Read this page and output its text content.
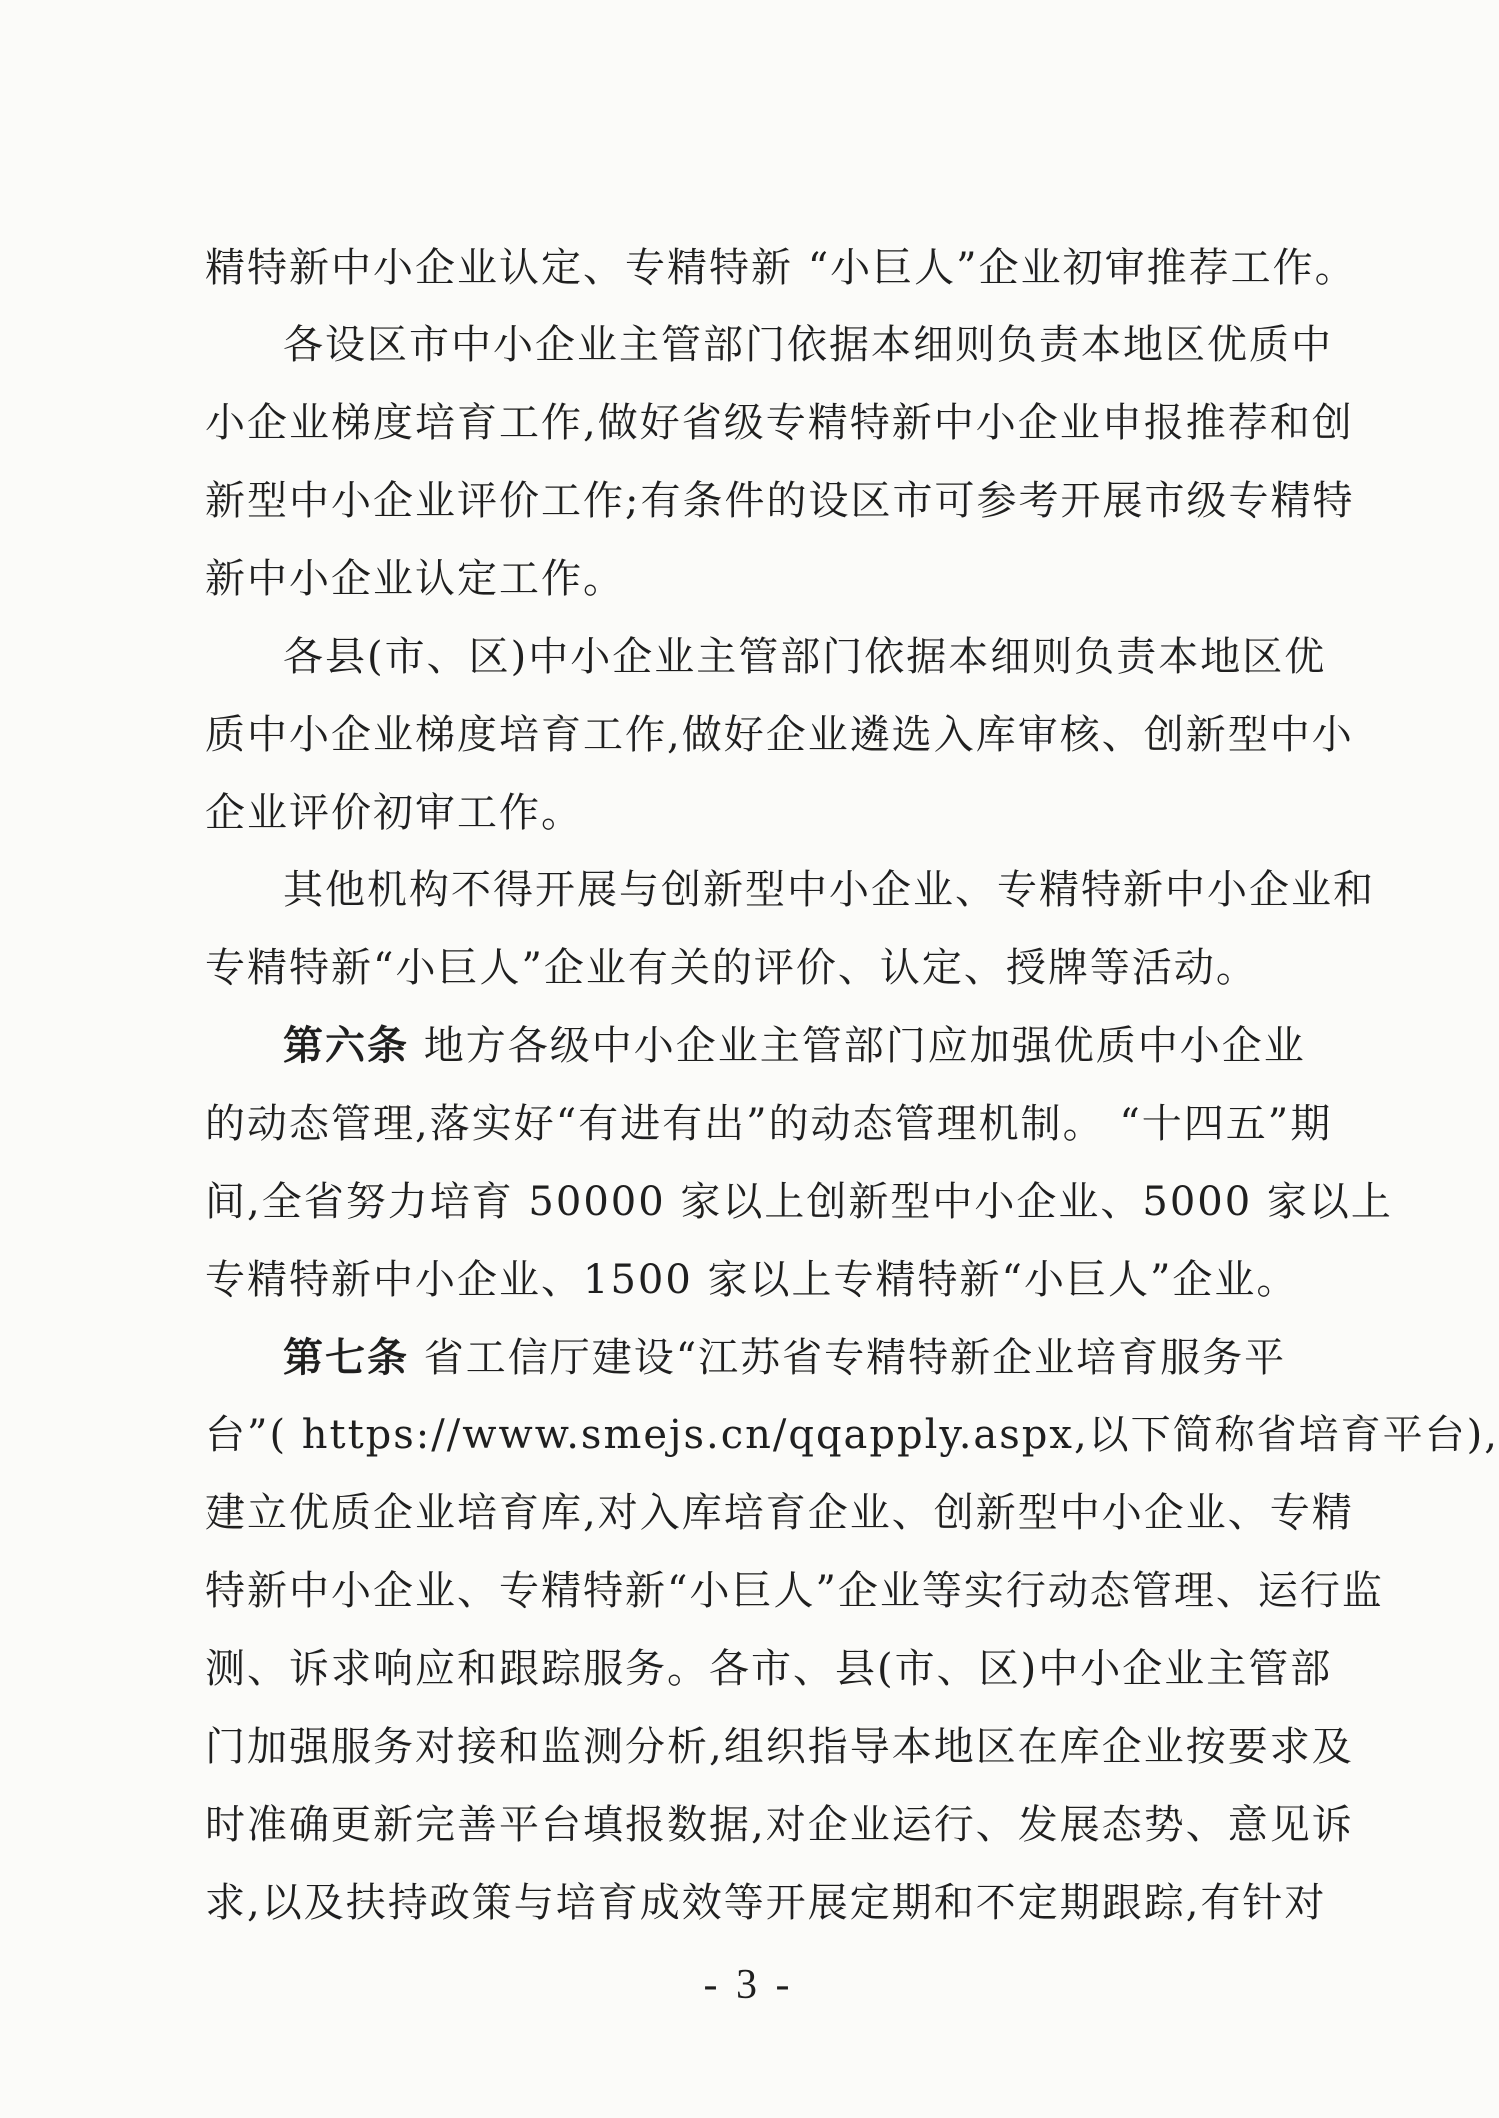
精特新中小企业认定、专精特新 “小巨人”企业初审推荐工作。
各设区市中小企业主管部门依据本细则负责本地区优质中
小企业梯度培育工作,做好省级专精特新中小企业申报推荐和创
新型中小企业评价工作;有条件的设区市可参考开展市级专精特
新中小企业认定工作。
各县(市、区)中小企业主管部门依据本细则负责本地区优
质中小企业梯度培育工作,做好企业遴选入库审核、创新型中小
企业评价初审工作。
其他机构不得开展与创新型中小企业、专精特新中小企业和
专精特新“小巨人”企业有关的评价、认定、授牌等活动。
第六条 地方各级中小企业主管部门应加强优质中小企业
的动态管理,落实好“有进有出”的动态管理机制。 “十四五”期
间,全省努力培育 50000 家以上创新型中小企业、5000 家以上
专精特新中小企业、1500 家以上专精特新“小巨人”企业。
第七条 省工信厅建设“江苏省专精特新企业培育服务平
台”( https://www.smejs.cn/qqapply.aspx,以下简称省培育平台),
建立优质企业培育库,对入库培育企业、创新型中小企业、专精
特新中小企业、专精特新“小巨人”企业等实行动态管理、运行监
测、诉求响应和跟踪服务。各市、县(市、区)中小企业主管部
门加强服务对接和监测分析,组织指导本地区在库企业按要求及
时准确更新完善平台填报数据,对企业运行、发展态势、意见诉
求,以及扶持政策与培育成效等开展定期和不定期跟踪,有针对
- 3 -
